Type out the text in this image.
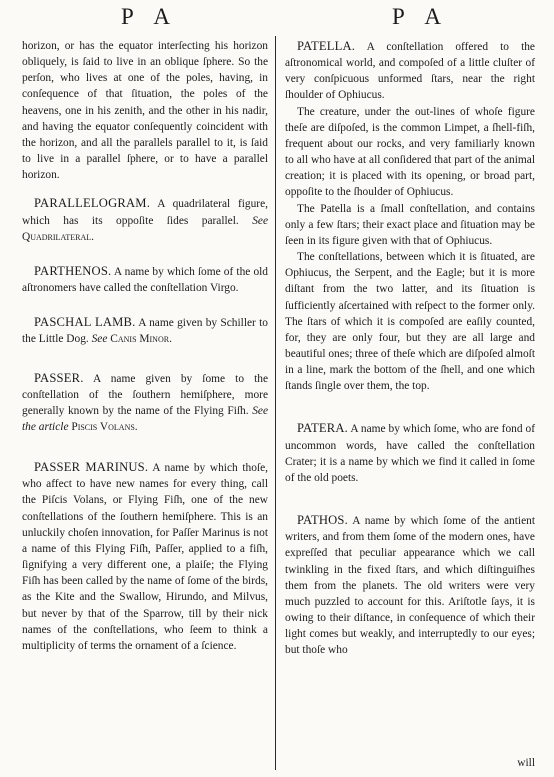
P A	P A

horizon, or has the equator interſecting his horizon obliquely, is ſaid to live in an oblique ſphere. So the perſon, who lives at one of the poles, having, in conſequence of that ſituation, the poles of the heavens, one in his zenith, and the other in his nadir, and having the equator conſequently coincident with the horizon, and all the parallels parallel to it, is ſaid to live in a parallel ſphere, or to have a parallel horizon.

PARALLELOGRAM. A quadrilateral figure, which has its oppoſite ſides parallel. See Quadrilateral.

PARTHENOS. A name by which ſome of the old aſtronomers have called the conſtellation Virgo.

PASCHAL LAMB. A name given by Schiller to the Little Dog. See Canis Minor.

PASSER. A name given by ſome to the conſtellation of the ſouthern hemiſphere, more generally known by the name of the Flying Fiſh. See the article Piscis Volans.

PASSER MARINUS. A name by which thoſe, who affect to have new names for every thing, call the Piſcis Volans, or Flying Fiſh, one of the new conſtellations of the ſouthern hemiſphere. This is an unluckily choſen innovation, for Paſſer Marinus is not a name of this Flying Fiſh, Paſſer, applied to a fiſh, ſignifying a very different one, a plaiſe; the Flying Fiſh has been called by the name of ſome of the birds, as the Kite and the Swallow, Hirundo, and Milvus, but never by that of the Sparrow, till by their nick names of the conſtellations, who ſeem to think a multiplicity of terms the ornament of a ſcience.

PATELLA. A conſtellation offered to the aſtronomical world, and compoſed of a little cluſter of very conſpicuous unformed ſtars, near the right ſhoulder of Ophiucus.

The creature, under the out-lines of whoſe figure theſe are diſpoſed, is the common Limpet, a ſhell-fiſh, frequent about our rocks, and very familiarly known to all who have at all conſidered that part of the animal creation; it is placed with its opening, or broad part, oppoſite to the ſhoulder of Ophiucus.

The Patella is a ſmall conſtellation, and contains only a few ſtars; their exact place and ſituation may be ſeen in its figure given with that of Ophiucus.

The conſtellations, between which it is ſituated, are Ophiucus, the Serpent, and the Eagle; but it is more diſtant from the two latter, and its ſituation is ſufficiently aſcertained with reſpect to the former only. The ſtars of which it is compoſed are eaſily counted, for, they are only four, but they are all large and beautiful ones; three of theſe which are diſpoſed almoſt in a line, mark the bottom of the ſhell, and one which ſtands ſingle over them, the top.

PATERA. A name by which ſome, who are fond of uncommon words, have called the conſtellation Crater; it is a name by which we find it called in ſome of the old poets.

PATHOS. A name by which ſome of the antient writers, and from them ſome of the modern ones, have expreſſed that peculiar appearance which we call twinkling in the fixed ſtars, and which diſtinguiſhes them from the planets. The old writers were very much puzzled to account for this. Ariſtotle ſays, it is owing to their diſtance, in conſequence of which their light comes but weakly, and interruptedly to our eyes; but thoſe who

will
